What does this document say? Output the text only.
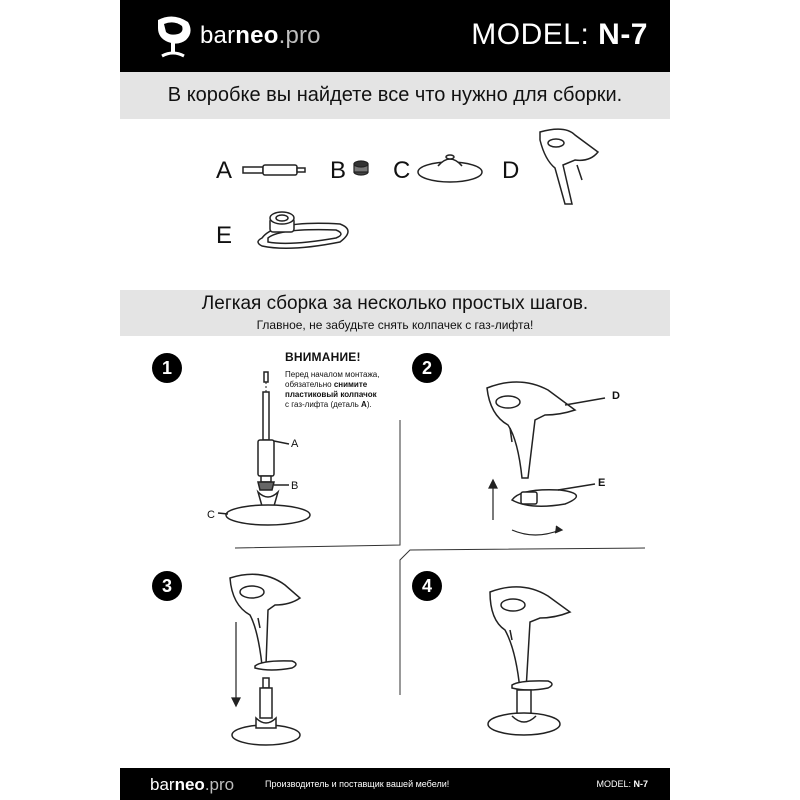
barneo.pro	MODEL: N-7
В коробке вы найдете все что нужно для сборки.
A	B C	D
E
Легкая сборка за несколько простых шагов.
Главное, не забудьте снять колпачек с газ-лифта!
1	2
3	4
ВНИМАНИЕ!
Перед началом монтажа,
обязательно снимите
пластиковый колпачок
с газ-лифта (деталь A).
A
B
C
D
E
barneo.pro	Производитель и поставщик вашей мебели!	MODEL: N-7
